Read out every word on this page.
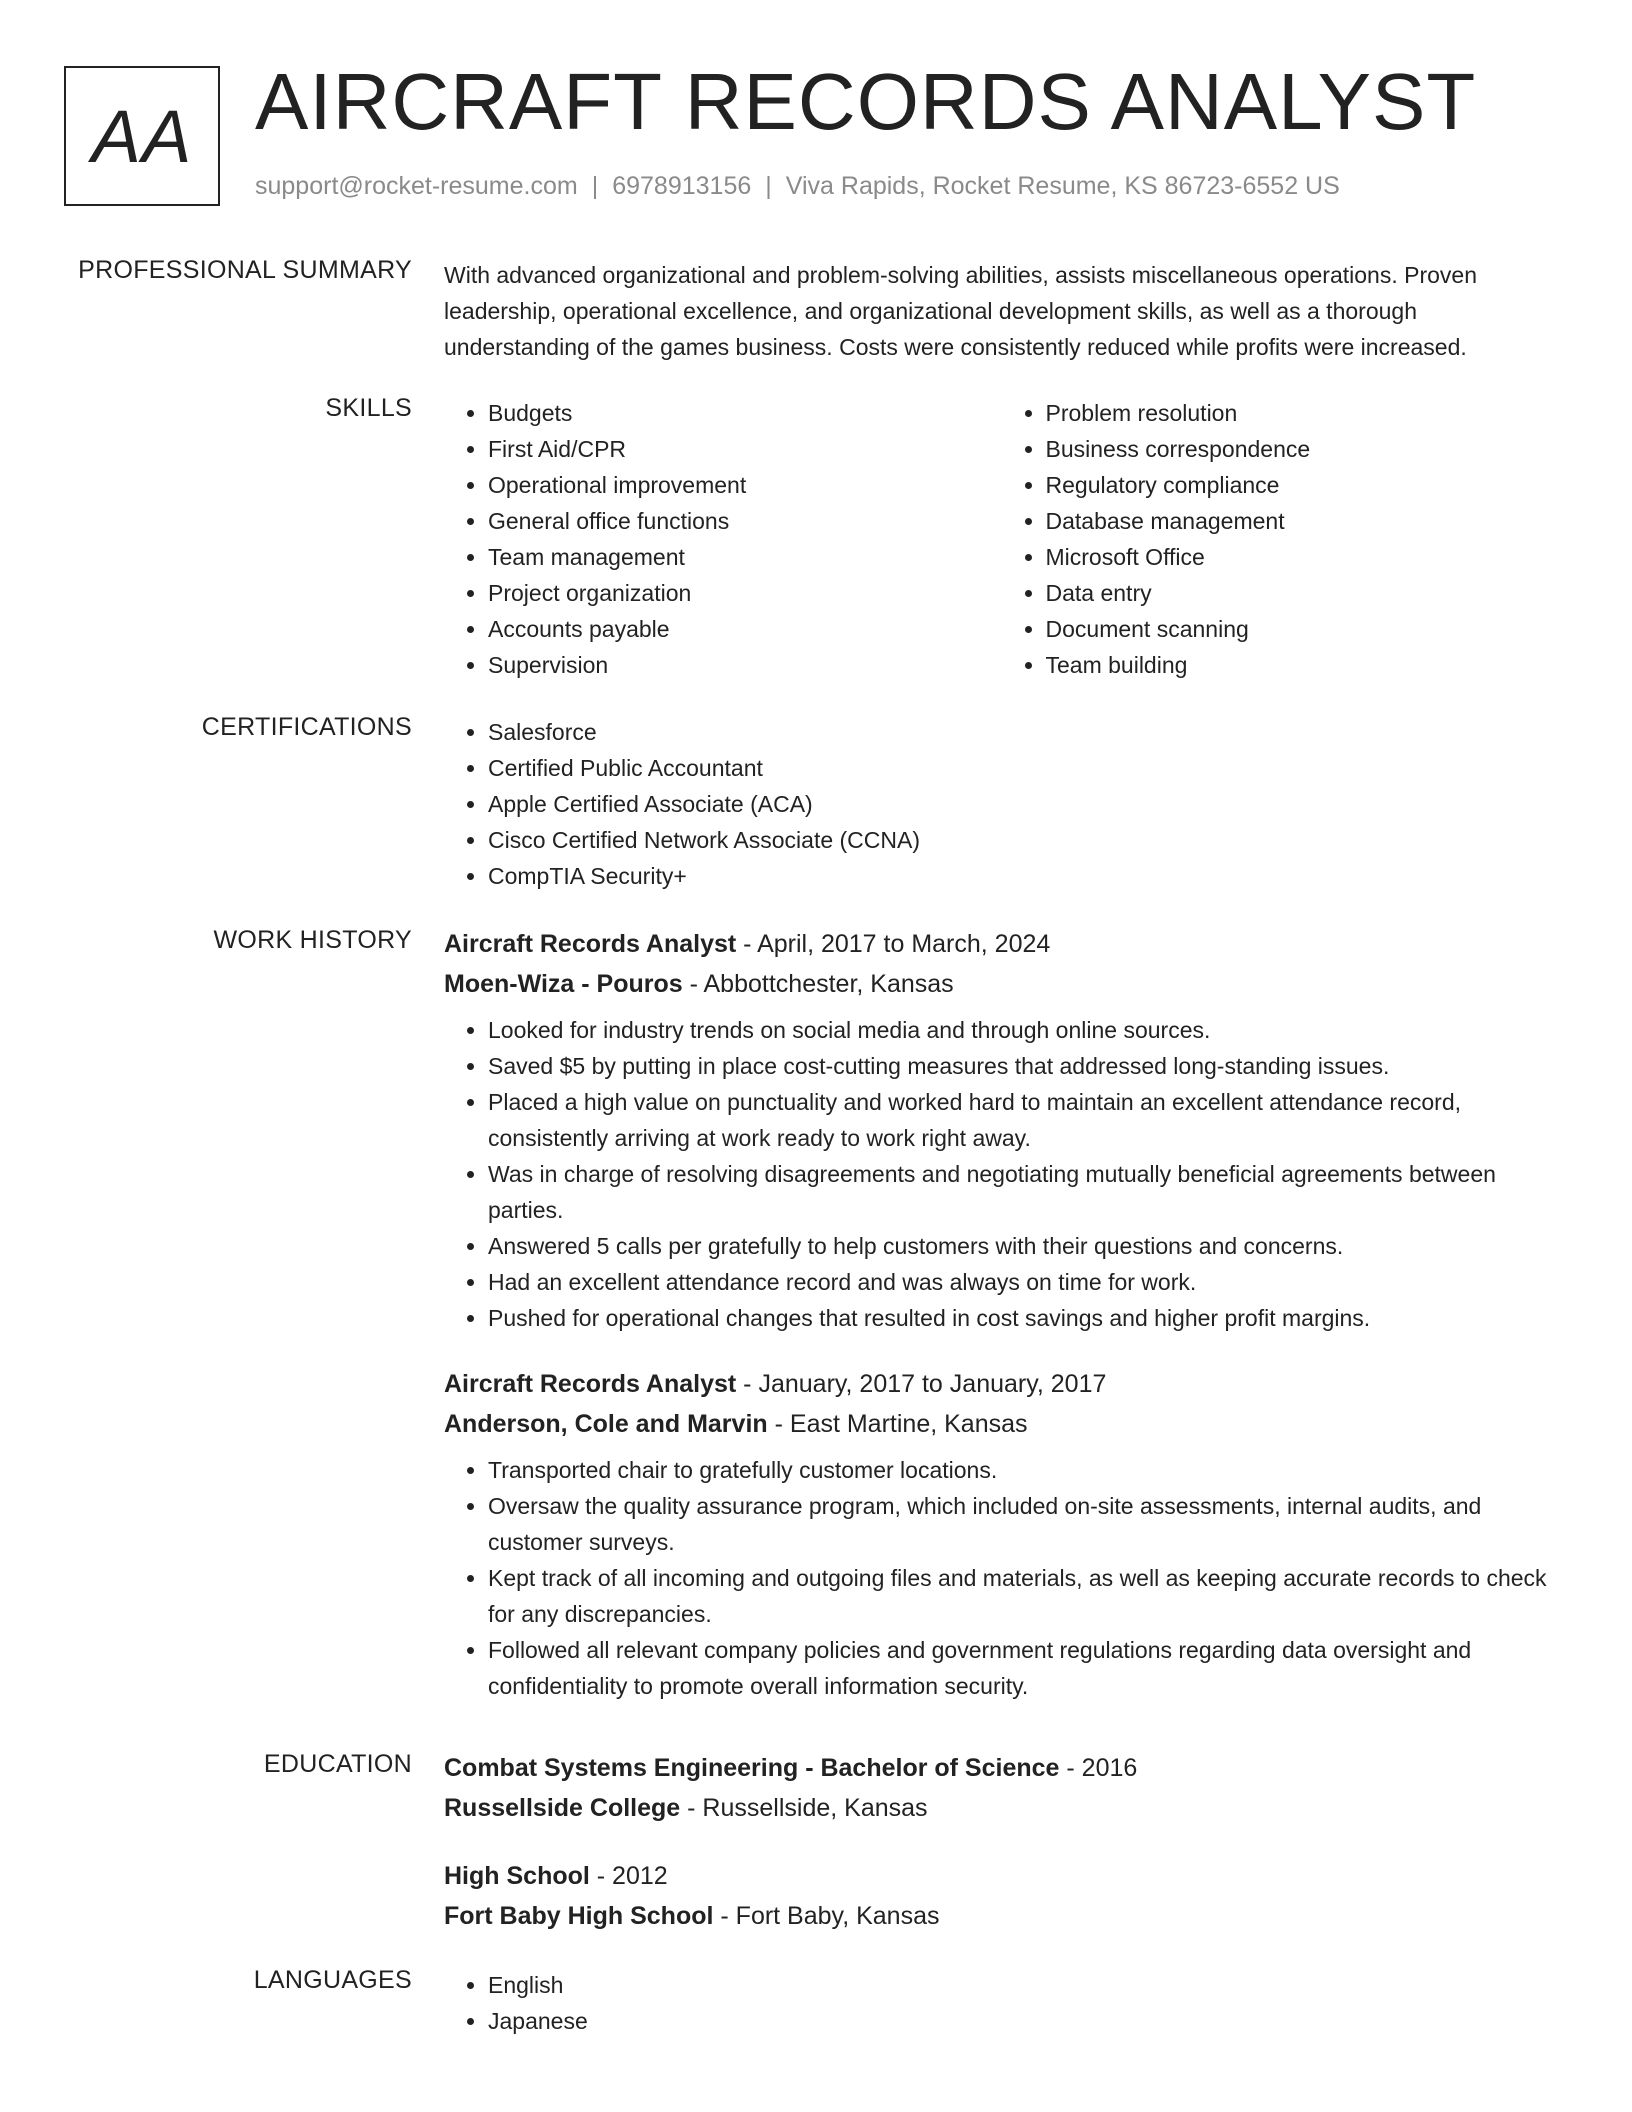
AA AIRCRAFT RECORDS ANALYST
support@rocket-resume.com | 6978913156 | Viva Rapids, Rocket Resume, KS 86723-6552 US
PROFESSIONAL SUMMARY With advanced organizational and problem-solving abilities, assists miscellaneous operations. Proven leadership, operational excellence, and organizational development skills, as well as a thorough understanding of the games business. Costs were consistently reduced while profits were increased.

SKILLS	• Budgets
• First Aid/CPR
• Operational improvement
• General office functions
• Team management
• Project organization
• Accounts payable
• Supervision
• Problem resolution
• Business correspondence
• Regulatory compliance
• Database management
• Microsoft Office
• Data entry
• Document scanning
• Team building
CERTIFICATIONS	• Salesforce
• Certified Public Accountant
• Apple Certified Associate (ACA)
• Cisco Certified Network Associate (CCNA)
• CompTIA Security+
WORK HISTORY Aircraft Records Analyst - April, 2017 to March, 2024
Moen-Wiza - Pouros - Abbottchester, Kansas
• Looked for industry trends on social media and through online sources.
• Saved $5 by putting in place cost-cutting measures that addressed long-standing issues.
• Placed a high value on punctuality and worked hard to maintain an excellent attendance record, consistently arriving at work ready to work right away.
• Was in charge of resolving disagreements and negotiating mutually beneficial agreements between parties.
• Answered 5 calls per gratefully to help customers with their questions and concerns.
• Had an excellent attendance record and was always on time for work.
• Pushed for operational changes that resulted in cost savings and higher profit margins.
Aircraft Records Analyst - January, 2017 to January, 2017
Anderson, Cole and Marvin - East Martine, Kansas
• Transported chair to gratefully customer locations.
• Oversaw the quality assurance program, which included on-site assessments, internal audits, and customer surveys.
• Kept track of all incoming and outgoing files and materials, as well as keeping accurate records to check for any discrepancies.
• Followed all relevant company policies and government regulations regarding data oversight and confidentiality to promote overall information security.
EDUCATION Combat Systems Engineering - Bachelor of Science - 2016
Russellside College - Russellside, Kansas
High School - 2012
Fort Baby High School - Fort Baby, Kansas
LANGUAGES	• English
• Japanese
